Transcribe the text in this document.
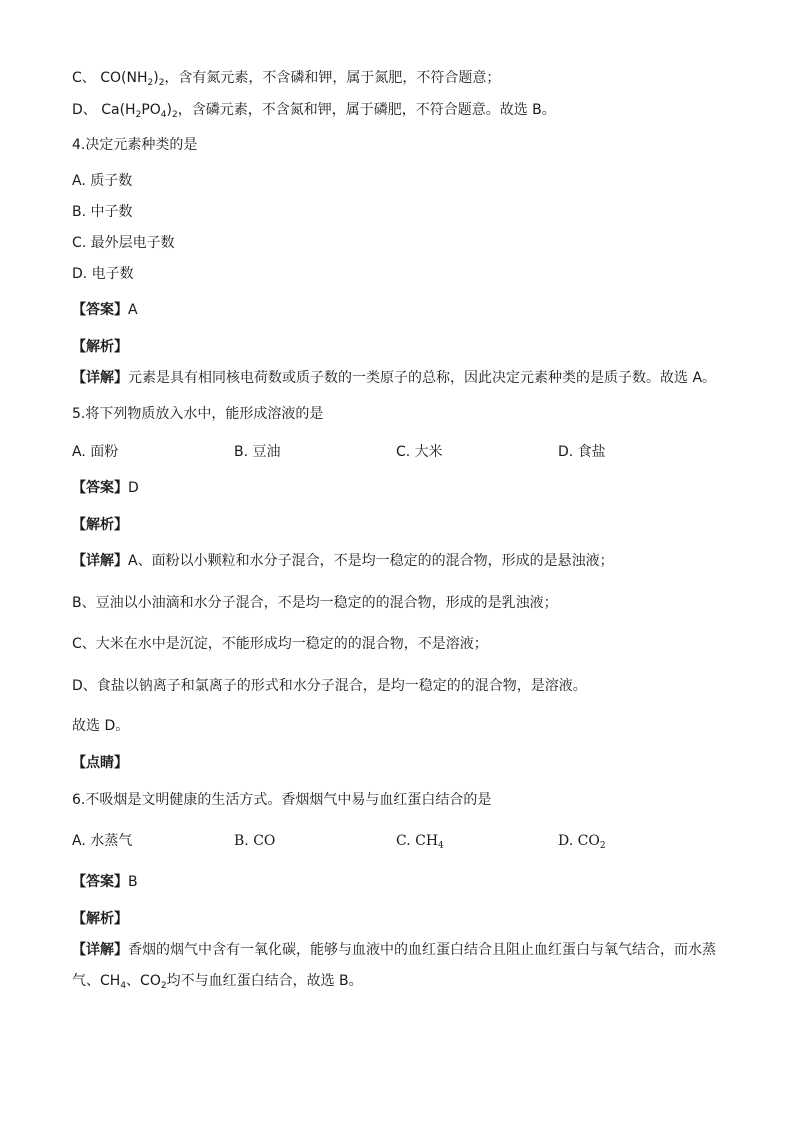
C、 $CO(NH_2)_2$，含有氮元素，不含磷和钾，属于氮肥，不符合题意；
D、 $Ca(H_2PO_4)_2$，含磷元素，不含氮和钾，属于磷肥，不符合题意。故选 B。
4.决定元素种类的是
A. 质子数
B. 中子数
C. 最外层电子数
D. 电子数
【答案】A
【解析】
【详解】元素是具有相同核电荷数或质子数的一类原子的总称，因此决定元素种类的是质子数。故选 A。
5.将下列物质放入水中，能形成溶液的是
A. 面粉	B. 豆油	C. 大米	D. 食盐
【答案】D
【解析】
【详解】A、面粉以小颗粒和水分子混合，不是均一稳定的的混合物，形成的是悬浊液；
B、豆油以小油滴和水分子混合，不是均一稳定的的混合物，形成的是乳浊液；
C、大米在水中是沉淀，不能形成均一稳定的的混合物，不是溶液；
D、食盐以钠离子和氯离子的形式和水分子混合，是均一稳定的的混合物，是溶液。
故选 D。
【点睛】
6.不吸烟是文明健康的生活方式。香烟烟气中易与血红蛋白结合的是
A. 水蒸气	B. CO	C. $CH_4$	D. $CO_2$
【答案】B
【解析】
【详解】香烟的烟气中含有一氧化碳，能够与血液中的血红蛋白结合且阻止血红蛋白与氧气结合，而水蒸
气、$CH_4$、$CO_2$均不与血红蛋白结合，故选 B。
